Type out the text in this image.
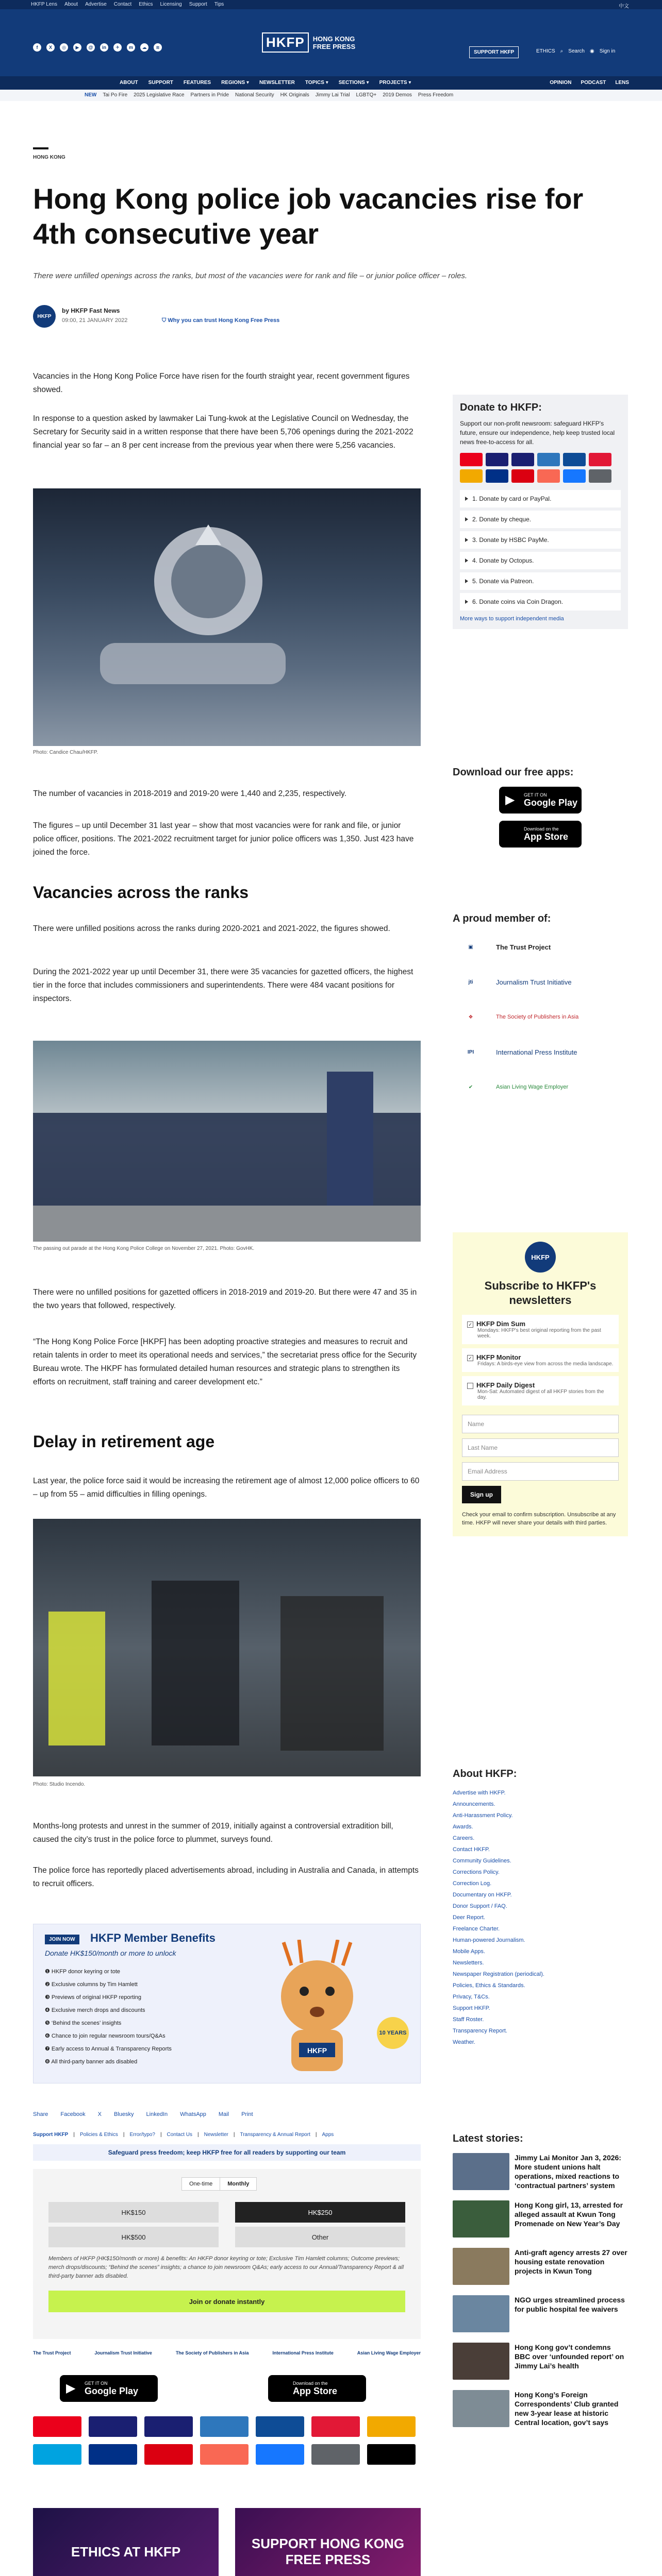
HKFP Lens About Advertise Contact Ethics Licensing Support Tips	中文
f	X	◎	▶	@	in	✈	m	☁	≋	HKFP	HONG KONG
FREE PRESS
SUPPORT HKFP	ETHICS ⌕ Search ◉ Sign in
ABOUT SUPPORT FEATURES REGIONS ▾ NEWSLETTER TOPICS ▾ SECTIONS ▾ PROJECTS ▾	OPINION PODCAST LENS
NEW Tai Po Fire 2025 Legislative Race Partners in Pride National Security HK Originals Jimmy Lai Trial LGBTQ+ 2019 Demos Press Freedom
HONG KONG
Hong Kong police job vacancies rise for 4th consecutive year
There were unfilled openings across the ranks, but most of the vacancies were for rank and file – or junior police officer – roles.
HKFP
by HKFP Fast News
09:00, 21 JANUARY 2022	⛉ Why you can trust Hong Kong Free Press
Vacancies in the Hong Kong Police Force have risen for the fourth straight year, recent government figures showed.
In response to a question asked by lawmaker Lai Tung-kwok at the Legislative Council on Wednesday, the Secretary for Security said in a written response that there have been 5,706 openings during the 2021-2022 financial year so far – an 8 per cent increase from the previous year when there were 5,256 vacancies.
Photo: Candice Chau/HKFP.
The number of vacancies in 2018-2019 and 2019-20 were 1,440 and 2,235, respectively.
The figures – up until December 31 last year – show that most vacancies were for rank and file, or junior police officer, positions. The 2021-2022 recruitment target for junior police officers was 1,350. Just 423 have joined the force.
Vacancies across the ranks
There were unfilled positions across the ranks during 2020-2021 and 2021-2022, the figures showed.
During the 2021-2022 year up until December 31, there were 35 vacancies for gazetted officers, the highest tier in the force that includes commissioners and superintendents. There were 484 vacant positions for inspectors.
The passing out parade at the Hong Kong Police College on November 27, 2021. Photo: GovHK.
There were no unfilled positions for gazetted officers in 2018-2019 and 2019-20. But there were 47 and 35 in the two years that followed, respectively.
“The Hong Kong Police Force [HKPF] has been adopting proactive strategies and measures to recruit and retain talents in order to meet its operational needs and services,” the secretariat press office for the Security Bureau wrote. The HKPF has formulated detailed human resources and strategic plans to strengthen its efforts on recruitment, staff training and career development etc.”
Delay in retirement age
Last year, the police force said it would be increasing the retirement age of almost 12,000 police officers to 60 – up from 55 – amid difficulties in filling openings.
Photo: Studio Incendo.
Months-long protests and unrest in the summer of 2019, initially against a controversial extradition bill, caused the city’s trust in the police force to plummet, surveys found.
The police force has reportedly placed advertisements abroad, including in Australia and Canada, in attempts to recruit officers.
JOIN NOW	HKFP Member Benefits
Donate HK$150/month or more to unlock
❶ HKFP donor keyring or tote
❷ Exclusive columns by Tim Hamlett
❸ Previews of original HKFP reporting
❹ Exclusive merch drops and discounts
❺ ‘Behind the scenes’ insights
❻ Chance to join regular newsroom tours/Q&As
❼ Early access to Annual & Transparency Reports
❽ All third-party banner ads disabled
HKFP
10 YEARS
Share Facebook X Bluesky LinkedIn WhatsApp Mail Print
Support HKFP | Policies & Ethics | Error/typo? | Contact Us | Newsletter | Transparency & Annual Report | Apps
Safeguard press freedom; keep HKFP free for all readers by supporting our team
One-time	Monthly
HK$150	HK$250
HK$500	Other
Members of HKFP (HK$150/month or more) & benefits: An HKFP donor keyring or tote; Exclusive Tim Hamlett columns; Outcome previews; merch drops/discounts; “Behind the scenes” insights; a chance to join newsroom Q&As; early access to our Annual/Transparency Report & all third-party banner ads disabled.
Join or donate instantly
The Trust Project	Journalism Trust Initiative	The Society of Publishers in Asia	International Press Institute	Asian Living Wage Employer
▶	GET IT ON
Google Play
Download on the
App Store
ETHICS AT HKFP
SUPPORT HONG KONG FREE PRESS

Donate to HKFP:
Support our non-profit newsroom: safeguard HKFP's future, ensure our independence, help keep trusted local news free-to-access for all.
1. Donate by card or PayPal.
2. Donate by cheque.
3. Donate by HSBC PayMe.
4. Donate by Octopus.
5. Donate via Patreon.
6. Donate coins via Coin Dragon.
More ways to support independent media
Download our free apps:
▶	GET IT ON
Google Play
Download on the
App Store
A proud member of:
▣	The Trust Project
jti	Journalism Trust Initiative
❖	The Society of Publishers in Asia
IPI	International Press Institute
✔	Asian Living Wage Employer
HKFP
Subscribe to HKFP's newsletters
✓ HKFP Dim Sum
Mondays: HKFP's best original reporting from the past week.
✓ HKFP Monitor
Fridays: A birds-eye view from across the media landscape.
HKFP Daily Digest
Mon-Sat: Automated digest of all HKFP stories from the day.
Name
Last Name
Email Address
Sign up
Check your email to confirm subscription. Unsubscribe at any time. HKFP will never share your details with third parties.
About HKFP:
Advertise with HKFP.
Announcements.
Anti-Harassment Policy.
Awards.
Careers.
Contact HKFP.
Community Guidelines.
Corrections Policy.
Correction Log.
Documentary on HKFP.
Donor Support / FAQ.
Deer Report.
Freelance Charter.
Human-powered Journalism.
Mobile Apps.
Newsletters.
Newspaper Registration (periodical).
Policies, Ethics & Standards.
Privacy, T&Cs.
Support HKFP.
Staff Roster.
Transparency Report.
Weather.
Latest stories:
Jimmy Lai Monitor Jan 3, 2026: More student unions halt operations, mixed reactions to ‘contractual partners’ system
Hong Kong girl, 13, arrested for alleged assault at Kwun Tong Promenade on New Year’s Day
Anti-graft agency arrests 27 over housing estate renovation projects in Kwun Tong
NGO urges streamlined process for public hospital fee waivers
Hong Kong gov’t condemns BBC over ‘unfounded report’ on Jimmy Lai’s health
Hong Kong’s Foreign Correspondents’ Club granted new 3-year lease at historic Central location, gov’t says
